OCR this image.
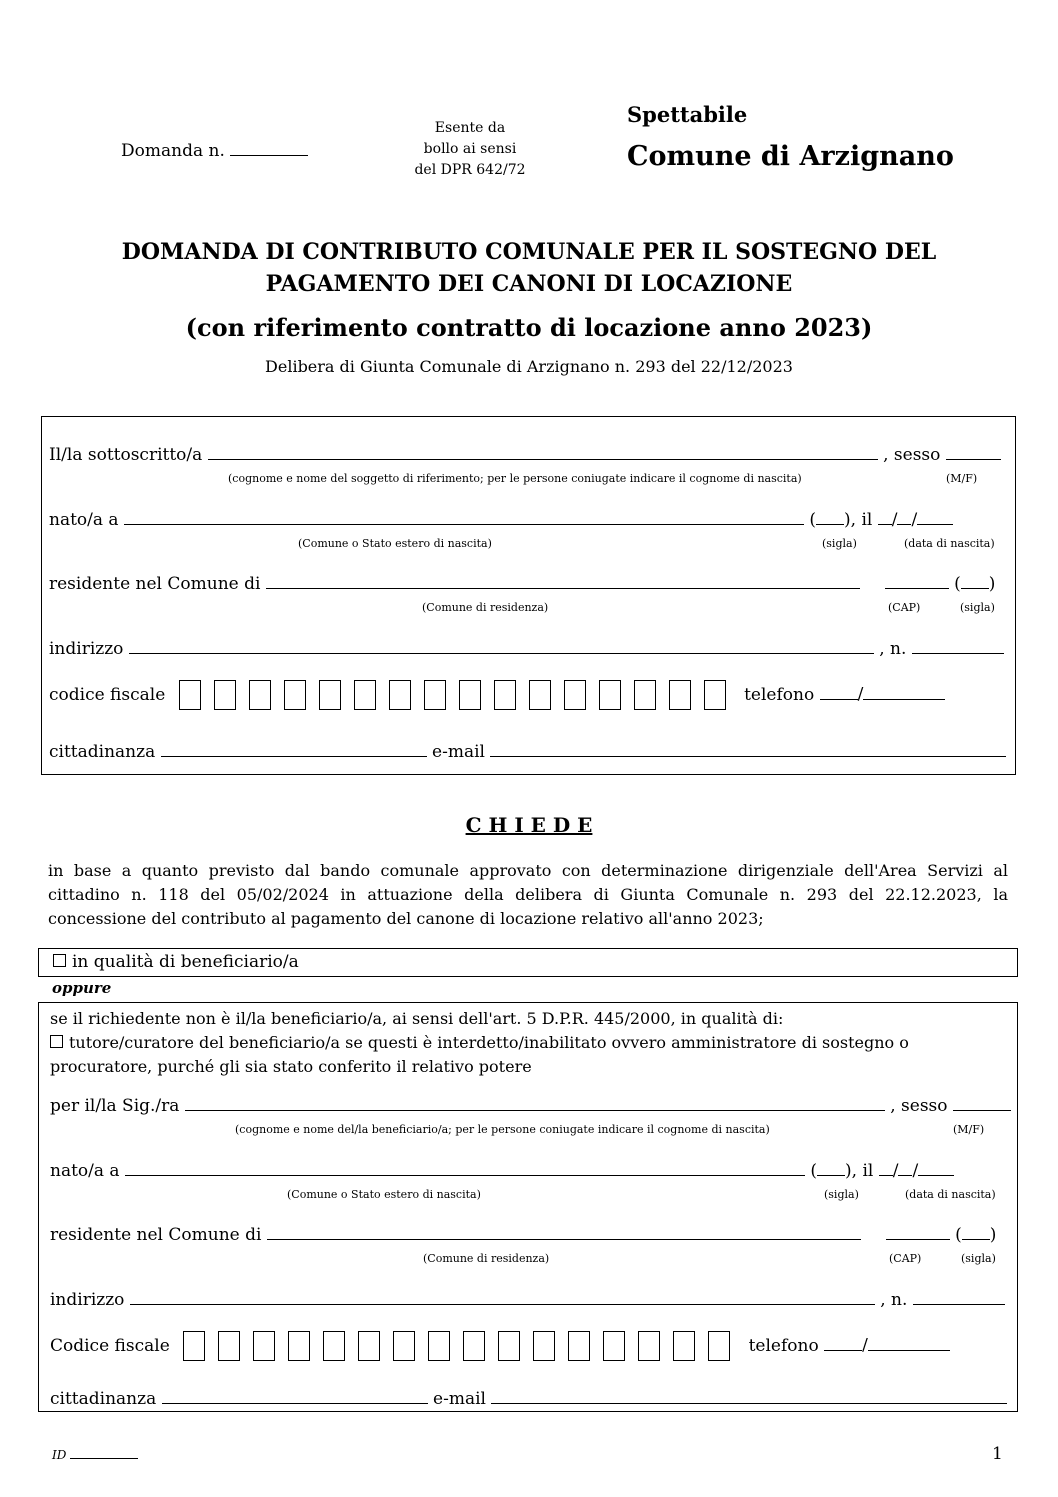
Domanda n.
Esente da
bollo ai sensi
del DPR 642/72
Spettabile
Comune di Arzignano
DOMANDA DI CONTRIBUTO COMUNALE PER IL SOSTEGNO DEL
PAGAMENTO DEI CANONI DI LOCAZIONE
(con riferimento contratto di locazione anno 2023)
Delibera di Giunta Comunale di Arzignano n. 293 del 22/12/2023
Il/la sottoscritto/a	, sesso
(cognome e nome del soggetto di riferimento; per le persone coniugate indicare il cognome di nascita)	(M/F)
nato/a a	( ), il / /
(Comune o Stato estero di nascita)	(sigla)	(data di nascita)
residente nel Comune di	( )
(Comune di residenza)	(CAP)	(sigla)
indirizzo	, n.
codice fiscale	telefono	/
cittadinanza	e-mail
C H I E D E
in base a quanto previsto dal bando comunale approvato con determinazione dirigenziale dell'Area Servizi al cittadino n. 118 del 05/02/2024 in attuazione della delibera di Giunta Comunale n. 293 del 22.12.2023, la concessione del contributo al pagamento del canone di locazione relativo all'anno 2023;
in qualità di beneficiario/a
oppure
se il richiedente non è il/la beneficiario/a, ai sensi dell'art. 5 D.P.R. 445/2000, in qualità di:
tutore/curatore del beneficiario/a se questi è interdetto/inabilitato ovvero amministratore di sostegno o procuratore, purché gli sia stato conferito il relativo potere
per il/la Sig./ra	, sesso
(cognome e nome del/la beneficiario/a; per le persone coniugate indicare il cognome di nascita)	(M/F)
nato/a a	( ), il / /
(Comune o Stato estero di nascita)	(sigla)	(data di nascita)
residente nel Comune di	( )
(Comune di residenza)	(CAP)	(sigla)
indirizzo	, n.
Codice fiscale	telefono	/
cittadinanza	e-mail
ID	1
